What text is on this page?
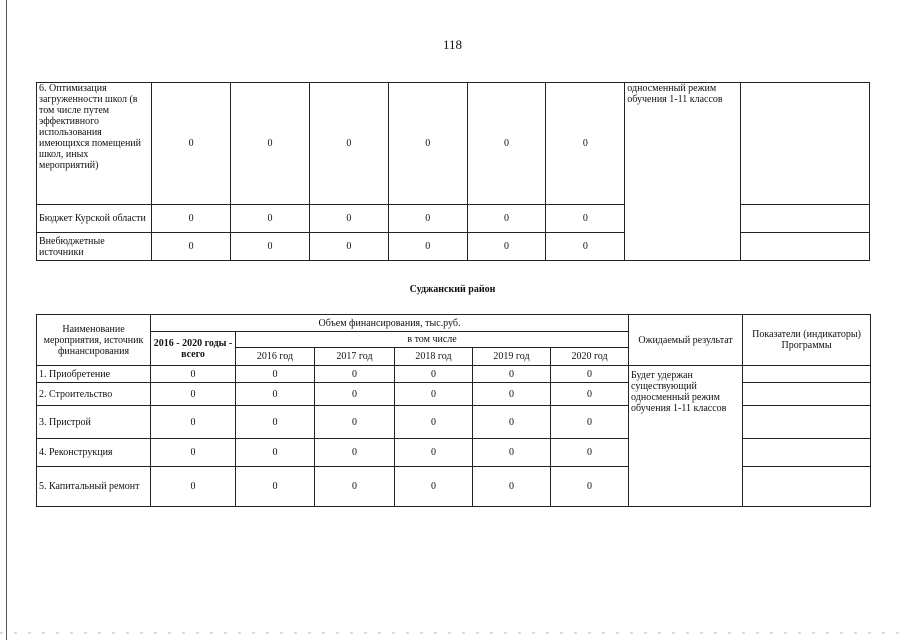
118
6. Оптимизация загруженности школ (в том числе путем эффективного использования имеющихся помещений школ, иных мероприятий)	0	0	0	0	0	0	односменный режим обучения 1-11 классов	
Бюджет Курской области	0	0	0	0	0	0		
Внебюджетные источники	0	0	0	0	0	0		
Суджанский район
Наименование мероприятия, источник финансирования	Объем финансирования, тыс.руб.						Ожидаемый результат	Показатели (индикаторы) Программы
	2016 - 2020 годы - всего	в том числе						
		2016 год	2017 год	2018 год	2019 год	2020 год		
1. Приобретение	0	0	0	0	0	0	Будет удержан существующий односменный режим обучения 1-11 классов	
2. Строительство	0	0	0	0	0	0		
3. Пристрой	0	0	0	0	0	0		
4. Реконструкция	0	0	0	0	0	0		
5. Капитальный ремонт	0	0	0	0	0	0		
